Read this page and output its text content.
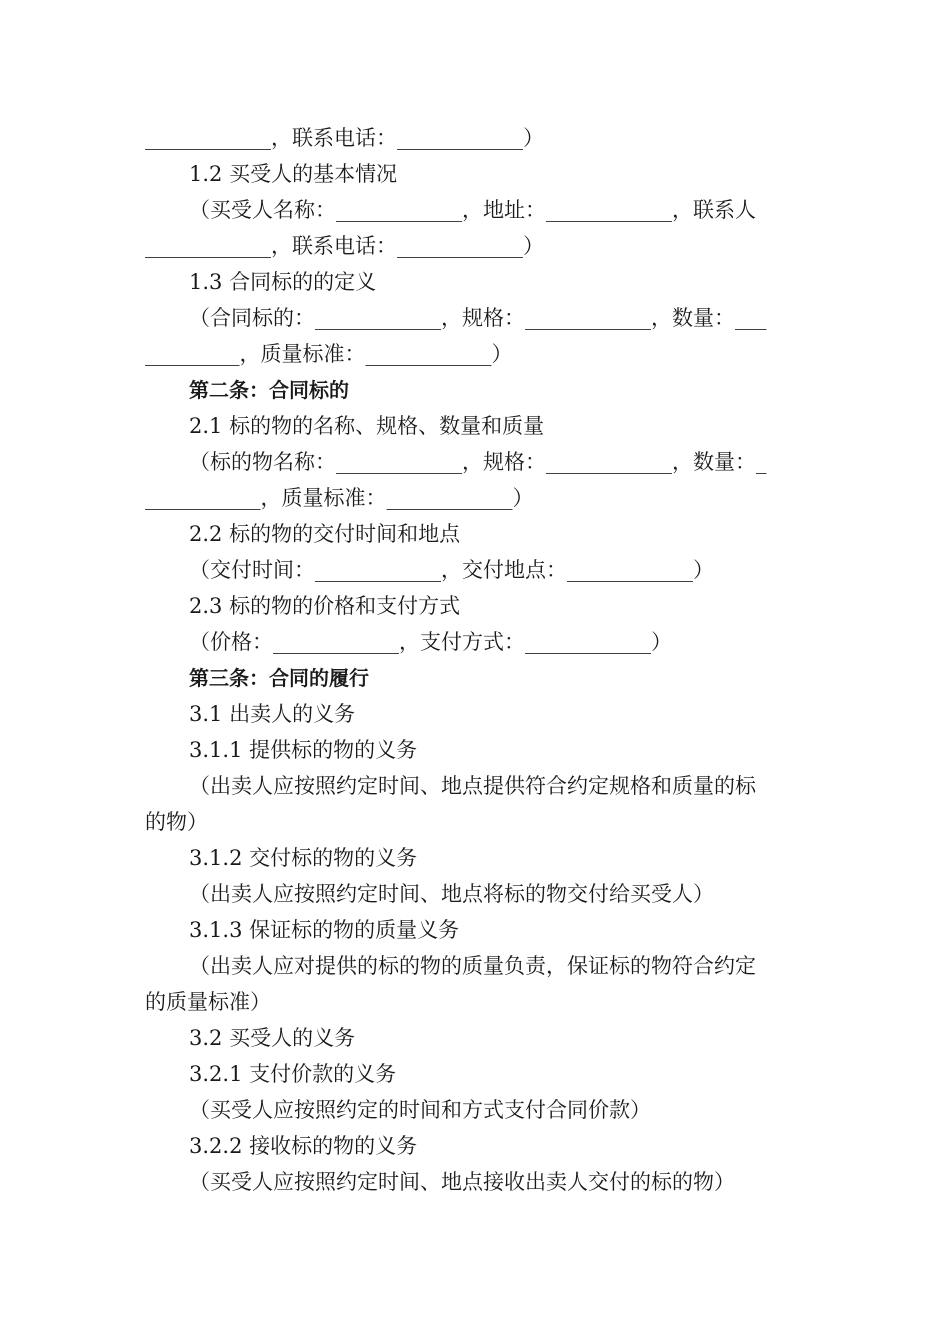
____________，联系电话：____________）
1.2 买受人的基本情况
（买受人名称：____________，地址：____________，联系人
____________，联系电话：____________）
1.3 合同标的的定义
（合同标的：____________，规格：____________，数量：___
_________，质量标准：____________）
第二条：合同标的
2.1 标的物的名称、规格、数量和质量
（标的物名称：____________，规格：____________，数量：_
___________，质量标准：____________）
2.2 标的物的交付时间和地点
（交付时间：____________，交付地点：____________）
2.3 标的物的价格和支付方式
（价格：____________，支付方式：____________）
第三条：合同的履行
3.1 出卖人的义务
3.1.1 提供标的物的义务
（出卖人应按照约定时间、地点提供符合约定规格和质量的标
的物）
3.1.2 交付标的物的义务
（出卖人应按照约定时间、地点将标的物交付给买受人）
3.1.3 保证标的物的质量义务
（出卖人应对提供的标的物的质量负责，保证标的物符合约定
的质量标准）
3.2 买受人的义务
3.2.1 支付价款的义务
（买受人应按照约定的时间和方式支付合同价款）
3.2.2 接收标的物的义务
（买受人应按照约定时间、地点接收出卖人交付的标的物）
